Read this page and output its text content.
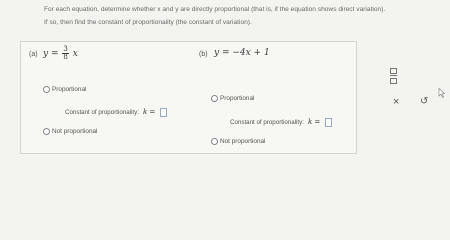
For each equation, determine whether x and y are directly proportional (that is, if the equation shows direct variation).

If so, then find the constant of proportionality (the constant of variation).

(a) $y = \frac{3}{8}$ x
Proportional
Constant of proportionality: k =
Not proportional
(b) y = −4x + 1
Proportional
Constant of proportionality: k =
Not proportional
× ↺
